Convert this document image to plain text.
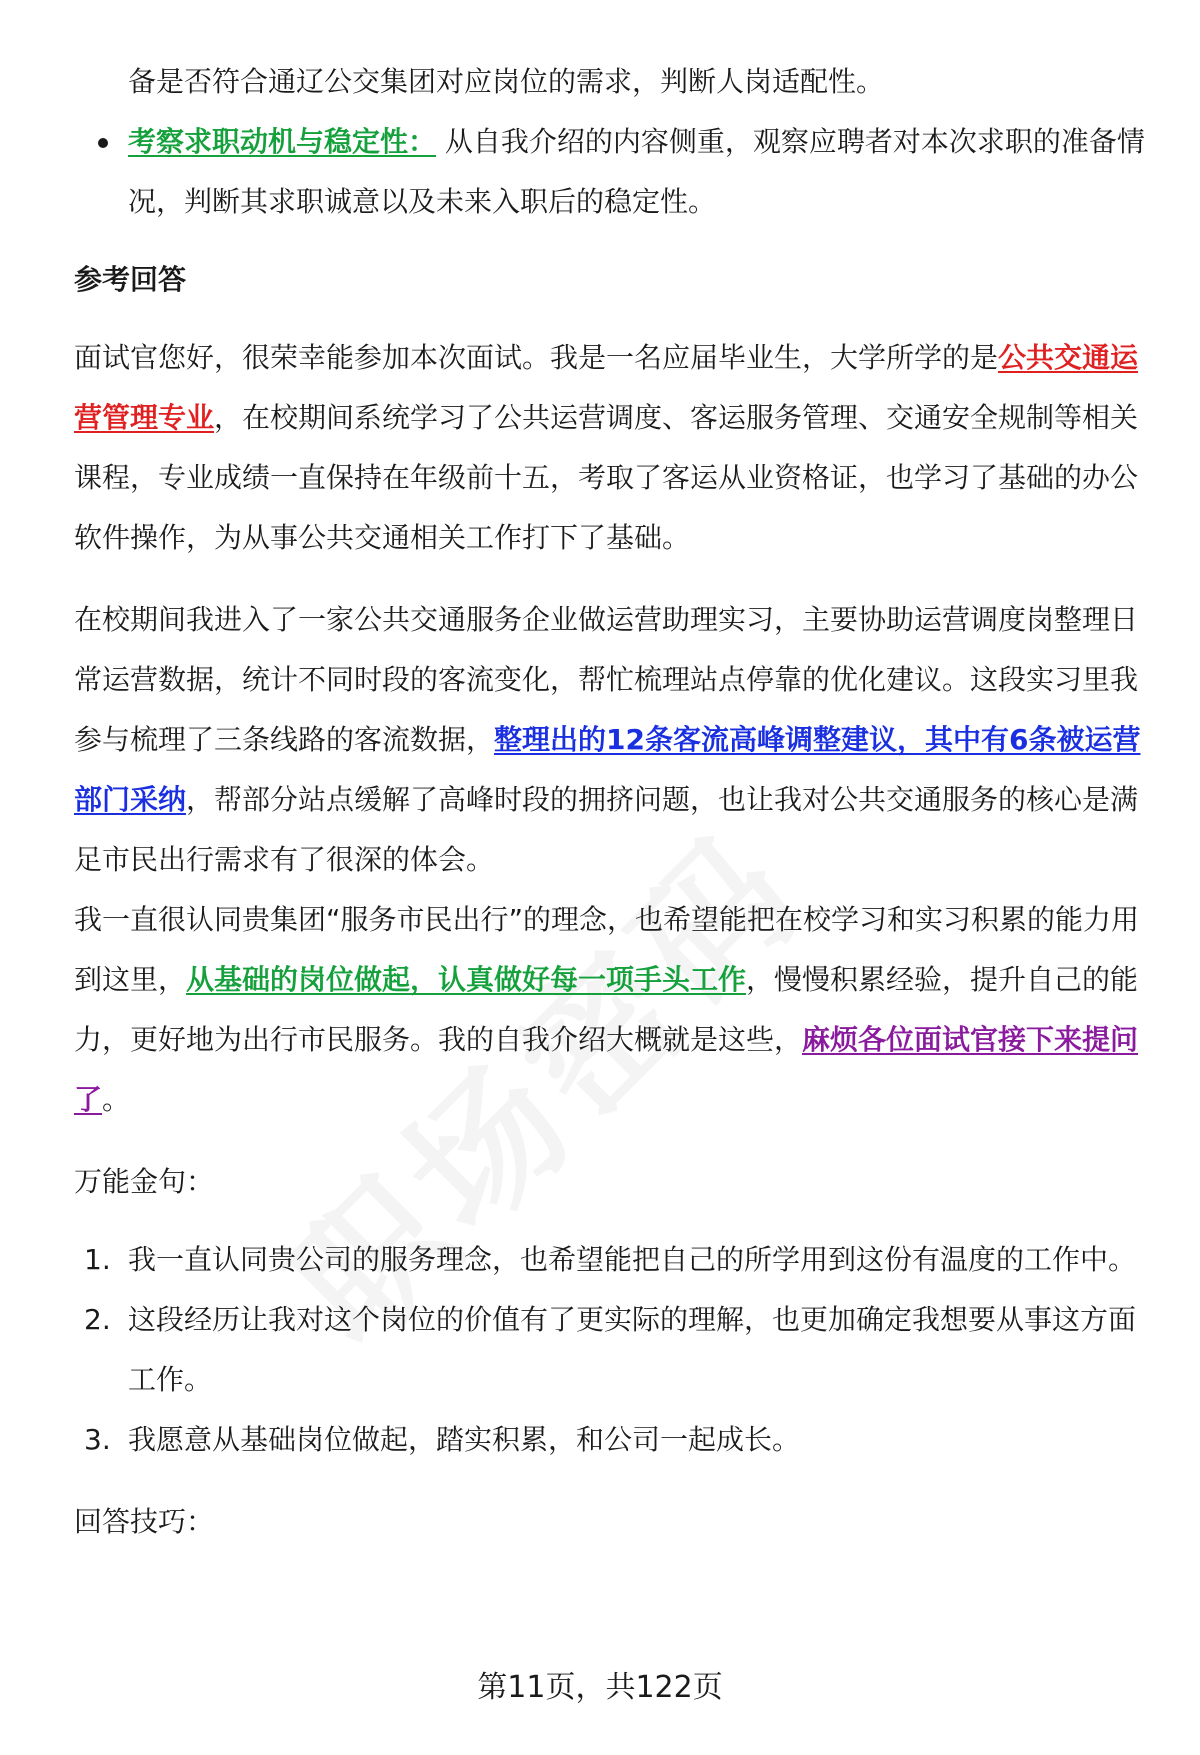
备是否符合通辽公交集团对应岗位的需求，判断人岗适配性。

考察求职动机与稳定性： 从自我介绍的内容侧重，观察应聘者对本次求职的准备情况，判断其求职诚意以及未来入职后的稳定性。

参考回答

面试官您好，很荣幸能参加本次面试。我是一名应届毕业生，大学所学的是公共交通运营管理专业，在校期间系统学习了公共运营调度、客运服务管理、交通安全规制等相关课程，专业成绩一直保持在年级前十五，考取了客运从业资格证，也学习了基础的办公软件操作，为从事公共交通相关工作打下了基础。

在校期间我进入了一家公共交通服务企业做运营助理实习，主要协助运营调度岗整理日常运营数据，统计不同时段的客流变化，帮忙梳理站点停靠的优化建议。这段实习里我参与梳理了三条线路的客流数据，整理出的12条客流高峰调整建议，其中有6条被运营部门采纳，帮部分站点缓解了高峰时段的拥挤问题，也让我对公共交通服务的核心是满足市民出行需求有了很深的体会。

我一直很认同贵集团“服务市民出行”的理念，也希望能把在校学习和实习积累的能力用到这里，从基础的岗位做起，认真做好每一项手头工作，慢慢积累经验，提升自己的能力，更好地为出行市民服务。我的自我介绍大概就是这些，麻烦各位面试官接下来提问了。

万能金句：

1. 我一直认同贵公司的服务理念，也希望能把自己的所学用到这份有温度的工作中。
2. 这段经历让我对这个岗位的价值有了更实际的理解，也更加确定我想要从事这方面工作。
3. 我愿意从基础岗位做起，踏实积累，和公司一起成长。

回答技巧：

第11页，共122页
